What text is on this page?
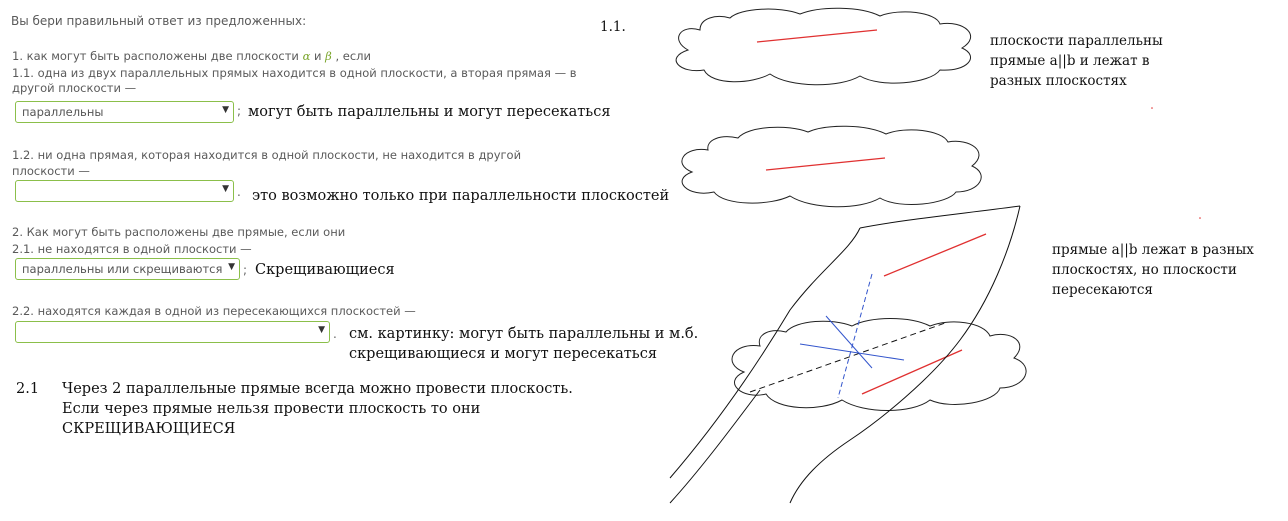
Вы бери правильный ответ из предложенных:
1. как могут быть расположены две плоскости α и β , если
1.1. одна из двух параллельных прямых находится в одной плоскости, а вторая прямая — в
другой плоскости —
параллельны	▼ ; могут быть параллельны и могут пересекаться
1.2. ни одна прямая, которая находится в одной плоскости, не находится в другой
плоскости —
▼ . это возможно только при параллельности плоскостей
2. Как могут быть расположены две прямые, если они
2.1. не находятся в одной плоскости —
параллельны или скрещиваются ▼ ; Скрещивающиеся
2.2. находятся каждая в одной из пересекающихся плоскостей —
▼ . см. картинку: могут быть параллельны и м.б.
скрещивающиеся и могут пересекаться
2.1 Через 2 параллельные прямые всегда можно провести плоскость.
Если через прямые нельзя провести плоскость то они
СКРЕЩИВАЮЩИЕСЯ
1.1.
плоскости параллельны
прямые a||b и лежат в
разных плоскостях
прямые a||b лежат в разных
плоскостях, но плоскости
пересекаются
